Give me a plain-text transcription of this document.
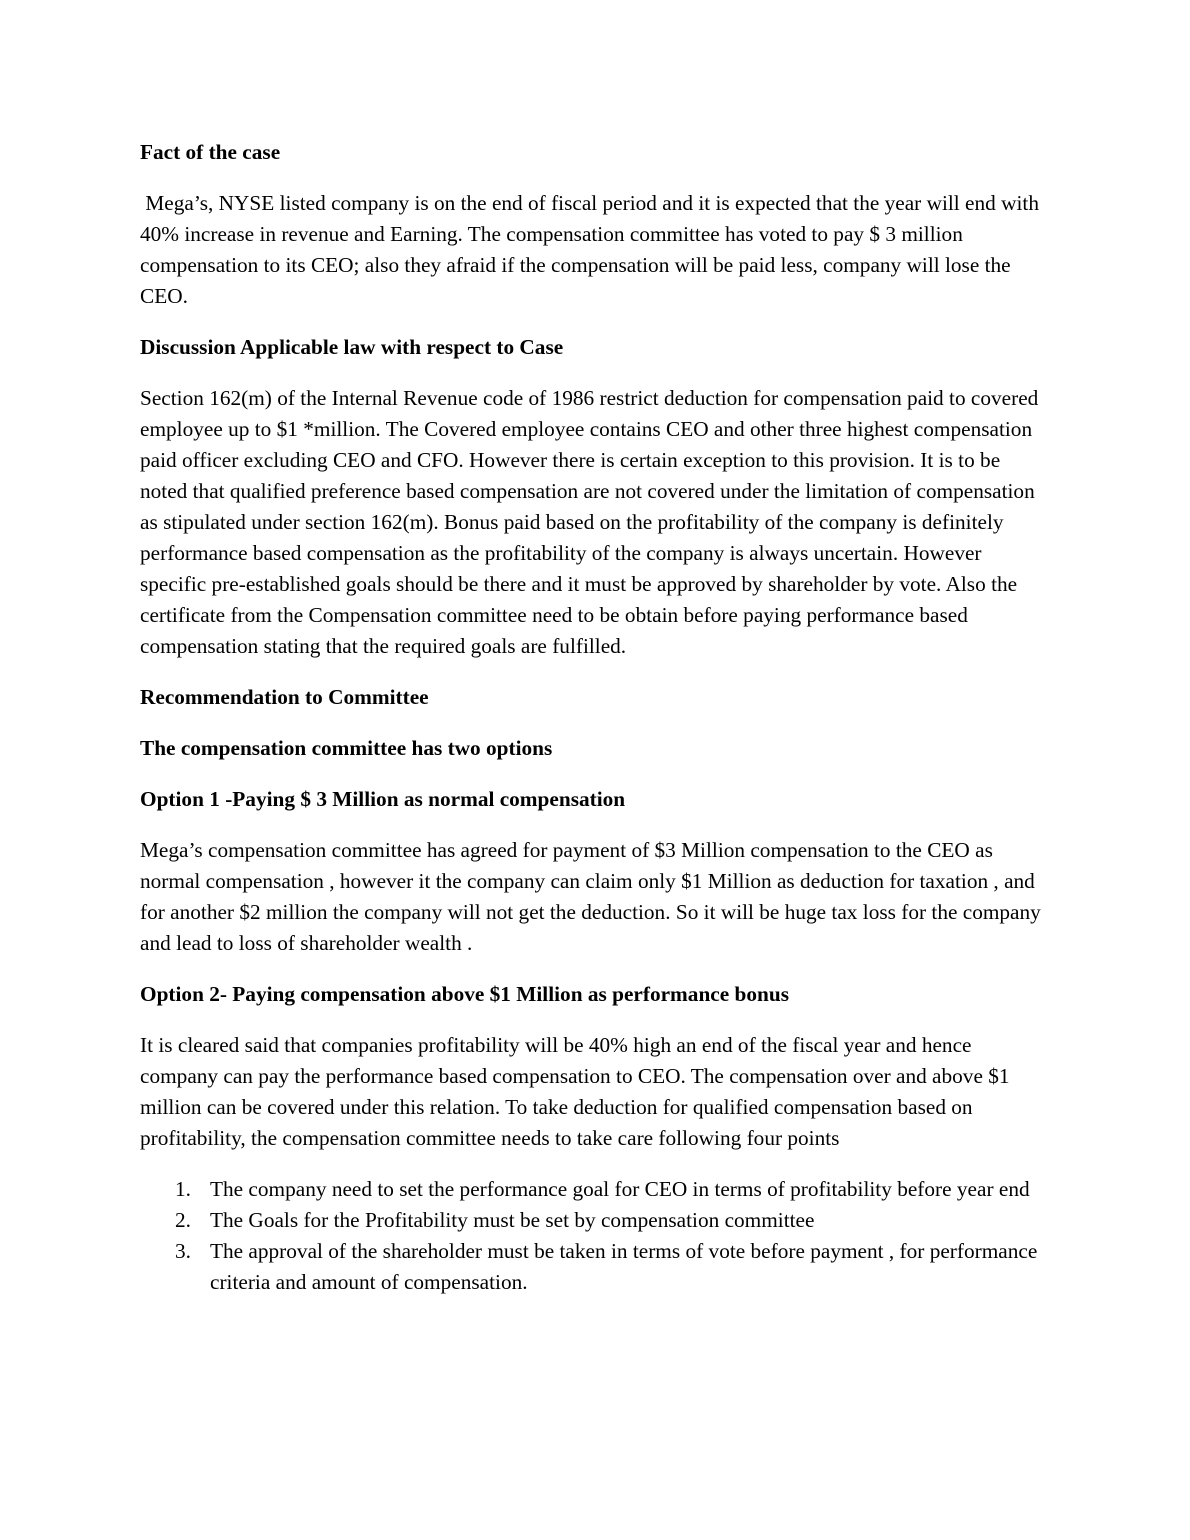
Fact of the case
Mega’s, NYSE listed company is on the end of fiscal period and it is expected that the year will end with 40% increase in revenue and Earning. The compensation committee has voted to pay $ 3 million compensation to its CEO; also they afraid if the compensation will be paid less, company will lose the CEO.
Discussion Applicable law with respect to Case
Section 162(m) of the Internal Revenue code of 1986 restrict deduction for compensation paid to covered employee up to $1 *million. The Covered employee contains CEO and other three highest compensation paid officer excluding CEO and CFO. However there is certain exception to this provision. It is to be noted that qualified preference based compensation are not covered under the limitation of compensation as stipulated under section 162(m). Bonus paid based on the profitability of the company is definitely performance based compensation as the profitability of the company is always uncertain. However specific pre-established goals should be there and it must be approved by shareholder by vote. Also the certificate from the Compensation committee need to be obtain before paying performance based compensation stating that the required goals are fulfilled.
Recommendation to Committee
The compensation committee has two options
Option 1 -Paying $ 3 Million as normal compensation
Mega’s compensation committee has agreed for payment of $3 Million compensation to the CEO as normal compensation , however it the company can claim only $1 Million as deduction for taxation , and for another $2 million the company will not get the deduction. So it will be huge tax loss for the company and lead to loss of shareholder wealth .
Option 2- Paying compensation above $1 Million as performance bonus
It is cleared said that companies profitability will be 40% high an end of the fiscal year and hence company can pay the performance based compensation to CEO. The compensation over and above $1 million can be covered under this relation. To take deduction for qualified compensation based on profitability, the compensation committee needs to take care following four points
1. The company need to set the performance goal for CEO in terms of profitability before year end
2. The Goals for the Profitability must be set by compensation committee
3. The approval of the shareholder must be taken in terms of vote before payment , for performance criteria and amount of compensation.
